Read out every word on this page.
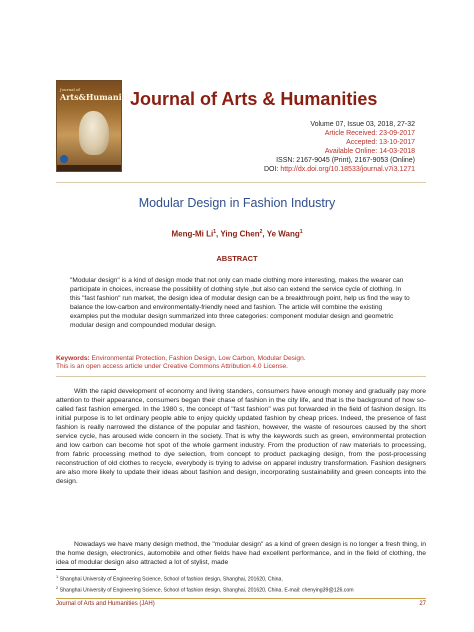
Journal of
Arts&Humanities
Journal of Arts & Humanities
Volume 07, Issue 03, 2018, 27-32
Article Received: 23-09-2017
Accepted: 13-10-2017
Available Online: 14-03-2018
ISSN: 2167-9045 (Print), 2167-9053 (Online)
DOI: http://dx.doi.org/10.18533/journal.v7i3.1271
Modular Design in Fashion Industry
Meng-Mi Li$^1$, Ying Chen$^2$, Ye Wang$^1$
ABSTRACT

"Modular design" is a kind of design mode that not only can made clothing more interesting, makes the wearer can participate in choices, increase the possibility of clothing style ,but also can extend the service cycle of clothing. In this "fast fashion" run market, the design idea of modular design can be a breakthrough point, help us find the way to balance the low-carbon and environmentally-friendly need and fashion. The article will combine the existing examples put the modular design summarized into three categories: component modular design and geometric modular design and compounded modular design.

Keywords: Environmental Protection, Fashion Design, Low Carbon, Modular Design.
This is an open access article under Creative Commons Attribution 4.0 License.

With the rapid development of economy and living standers, consumers have enough money and gradually pay more attention to their appearance, consumers began their chase of fashion in the city life, and that is the background of how so-called fast fashion emerged. In the 1980 s, the concept of "fast fashion" was put forwarded in the field of fashion design. Its initial purpose is to let ordinary people able to enjoy quickly updated fashion by cheap prices. Indeed, the presence of fast fashion is really narrowed the distance of the popular and fashion, however, the waste of resources caused by the short service cycle, has aroused wide concern in the society. That is why the keywords such as green, environmental protection and low carbon can become hot spot of the whole garment industry. From the production of raw materials to processing, from fabric processing method to dye selection, from concept to product packaging design, from the post-processing reconstruction of old clothes to recycle, everybody is trying to advise on apparel industry transformation. Fashion designers are also more likely to update their ideas about fashion and design, incorporating sustainability and green concepts into the design.

Nowadays we have many design method, the "modular design" as a kind of green design is no longer a fresh thing, in the home design, electronics, automobile and other fields have had excellent performance, and in the field of clothing, the idea of modular design also attracted a lot of stylist, made

$^1$ Shanghai University of Engineering Science, School of fashion design, Shanghai, 201620, China.
$^2$ Shanghai University of Engineering Science, School of fashion design, Shanghai, 201620, China. E-mail: chenying39@126.com
Journal of Arts and Humanities (JAH)	27
